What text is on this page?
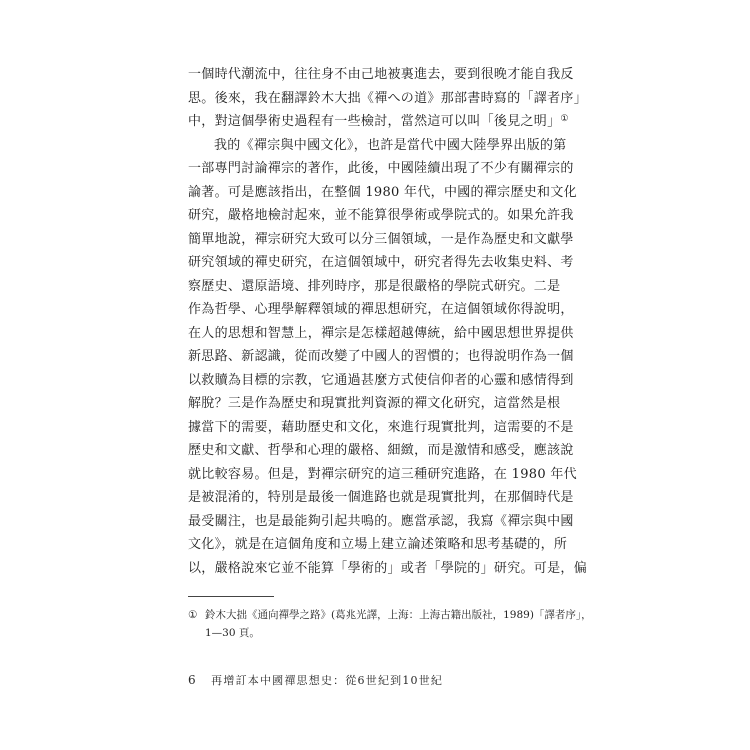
一個時代潮流中，往往身不由己地被裏進去，要到很晚才能自我反
思。後來，我在翻譯鈴木大拙《禪への道》那部書時寫的「譯者序」
中，對這個學術史過程有一些檢討，當然這可以叫「後見之明」①
我的《禪宗與中國文化》，也許是當代中國大陸學界出版的第
一部專門討論禪宗的著作，此後，中國陸續出現了不少有關禪宗的
論著。可是應該指出，在整個 1980 年代，中國的禪宗歷史和文化
研究，嚴格地檢討起來，並不能算很學術或學院式的。如果允許我
簡單地說，禪宗研究大致可以分三個領域，一是作為歷史和文獻學
研究領域的禪史研究，在這個領域中，研究者得先去收集史料、考
察歷史、還原語境、排列時序，那是很嚴格的學院式研究。二是
作為哲學、心理學解釋領域的禪思想研究，在這個領域你得說明，
在人的思想和智慧上，禪宗是怎樣超越傳統，給中國思想世界提供
新思路、新認識，從而改變了中國人的習慣的；也得說明作為一個
以救贖為目標的宗教，它通過甚麼方式使信仰者的心靈和感情得到
解脫？三是作為歷史和現實批判資源的禪文化研究，這當然是根
據當下的需要，藉助歷史和文化，來進行現實批判，這需要的不是
歷史和文獻、哲學和心理的嚴格、細緻，而是激情和感受，應該說
就比較容易。但是，對禪宗研究的這三種研究進路，在 1980 年代
是被混淆的，特別是最後一個進路也就是現實批判，在那個時代是
最受關注，也是最能夠引起共鳴的。應當承認，我寫《禪宗與中國
文化》，就是在這個角度和立場上建立論述策略和思考基礎的，所
以，嚴格說來它並不能算「學術的」或者「學院的」研究。可是，偏
① 鈴木大拙《通向禪學之路》(葛兆光譯，上海：上海古籍出版社，1989)「譯者序」，
1—30 頁。
6 再增訂本中國禪思想史：從6世紀到10世紀
